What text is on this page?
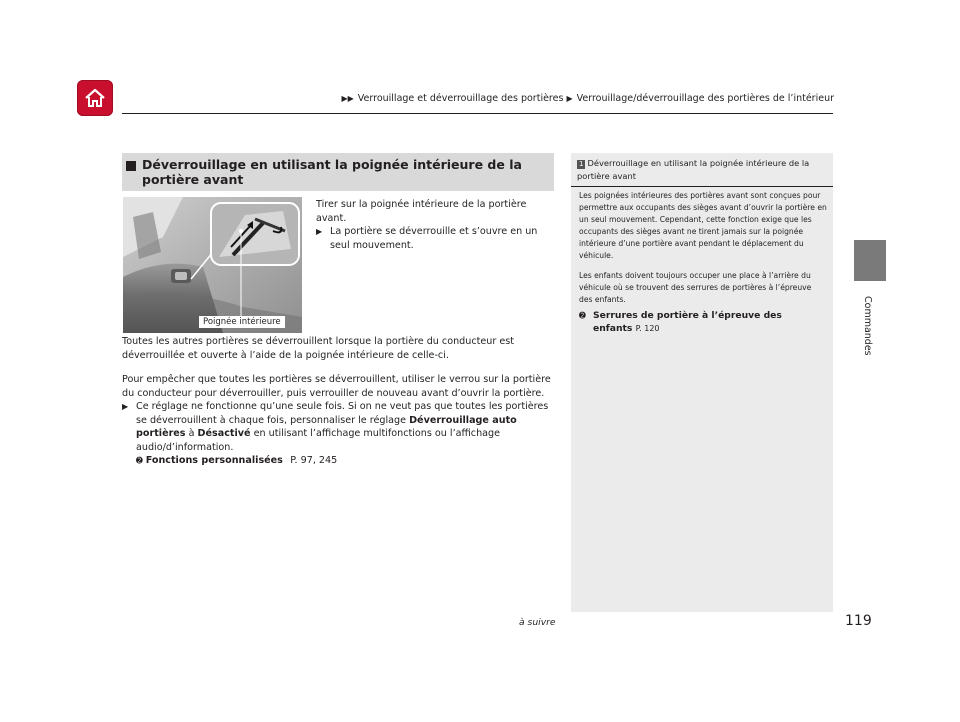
▶▶ Verrouillage et déverrouillage des portières ▶ Verrouillage/déverrouillage des portières de l’intérieur
Commandes
Déverrouillage en utilisant la poignée intérieure de la portière avant
Poignée intérieure
Tirer sur la poignée intérieure de la portière avant.
▶ La portière se déverrouille et s’ouvre en un seul mouvement.
Toutes les autres portières se déverrouillent lorsque la portière du conducteur est déverrouillée et ouverte à l’aide de la poignée intérieure de celle-ci.
Pour empêcher que toutes les portières se déverrouillent, utiliser le verrou sur la portière du conducteur pour déverrouiller, puis verrouiller de nouveau avant d’ouvrir la portière.
▶ Ce réglage ne fonctionne qu’une seule fois. Si on ne veut pas que toutes les portières se déverrouillent à chaque fois, personnaliser le réglage Déverrouillage auto portières à Désactivé en utilisant l’affichage multifonctions ou l’affichage audio/d’information.
➋ Fonctions personnalisées P. 97, 245
1 Déverrouillage en utilisant la poignée intérieure de la portière avant

Les poignées intérieures des portières avant sont conçues pour permettre aux occupants des sièges avant d’ouvrir la portière en un seul mouvement. Cependant, cette fonction exige que les occupants des sièges avant ne tirent jamais sur la poignée intérieure d’une portière avant pendant le déplacement du véhicule.

Les enfants doivent toujours occuper une place à l’arrière du véhicule où se trouvent des serrures de portières à l’épreuve des enfants.

➋ Serrures de portière à l’épreuve des enfants P. 120
à suivre	119
